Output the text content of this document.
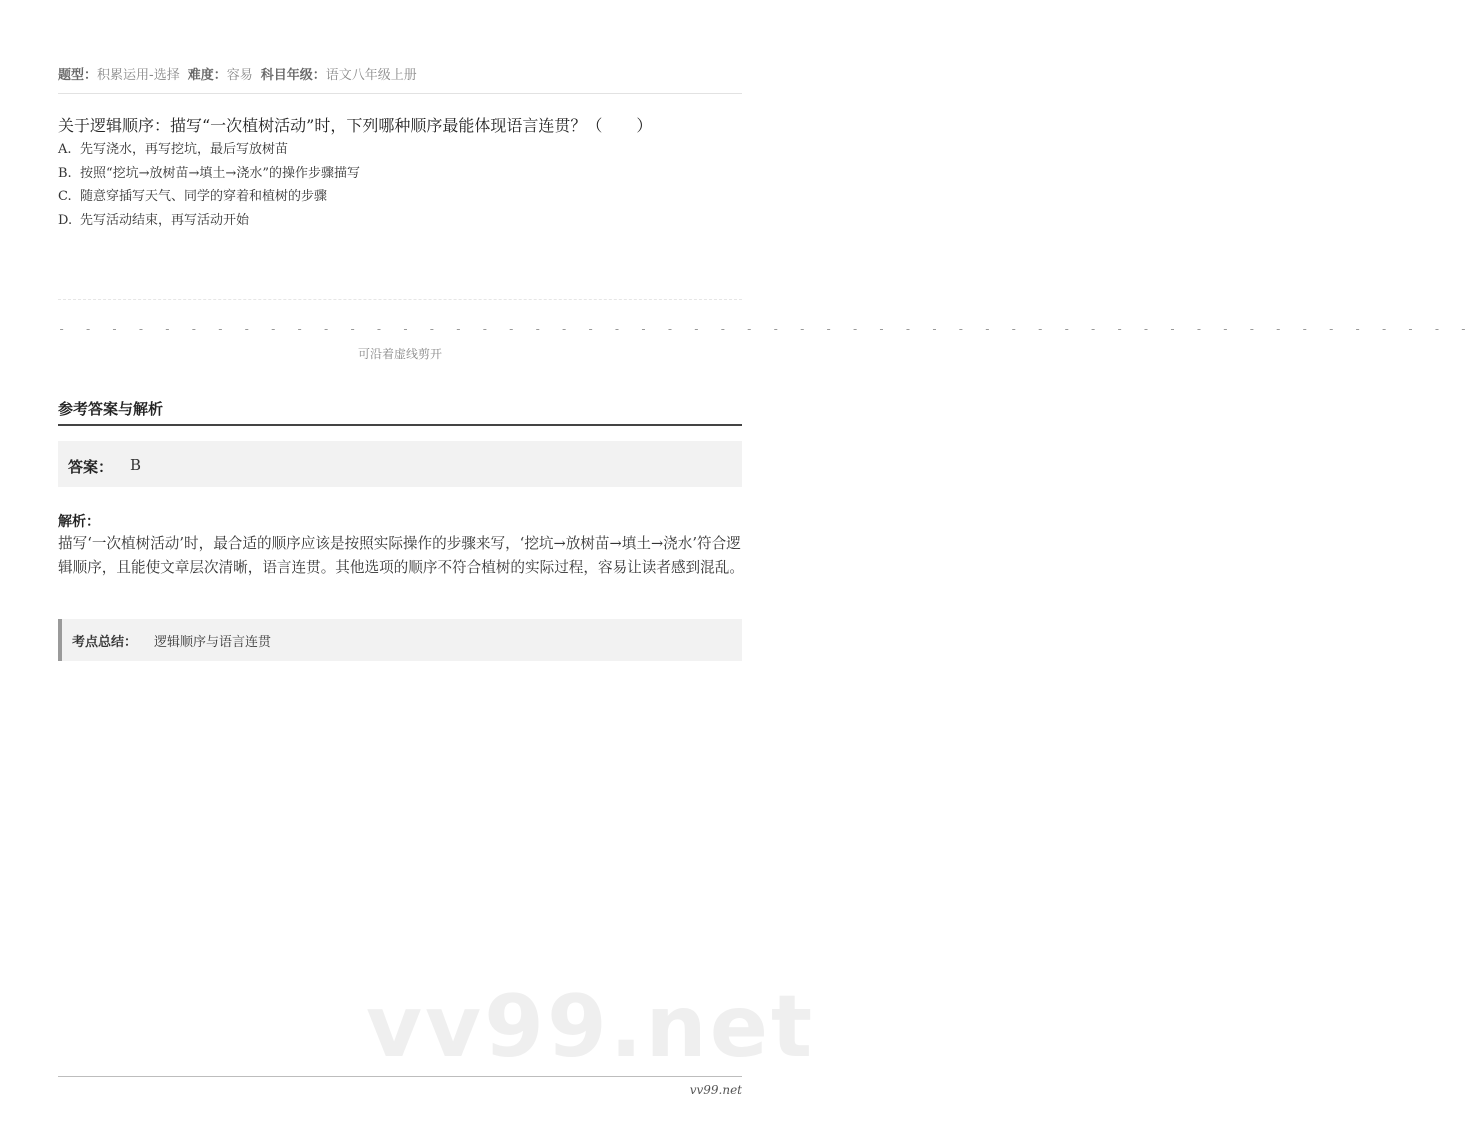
题型：积累运用-选择 难度：容易 科目年级：语文八年级上册
关于逻辑顺序：描写“一次植树活动”时，下列哪种顺序最能体现语言连贯？（ ）
A. 先写浇水，再写挖坑，最后写放树苗
B. 按照“挖坑→放树苗→填土→浇水”的操作步骤描写
C. 随意穿插写天气、同学的穿着和植树的步骤
D. 先写活动结束，再写活动开始
- - - - - - - - - - - - - - - - - - - - - - - - - - - - - - - - - - - - - - - - - - - - - - - - - - - - - -
可沿着虚线剪开
参考答案与解析
答案： B
解析：
描写‘一次植树活动’时，最合适的顺序应该是按照实际操作的步骤来写，‘挖坑→放树苗→填土→浇水’符合逻辑顺序，且能使文章层次清晰，语言连贯。其他选项的顺序不符合植树的实际过程，容易让读者感到混乱。
考点总结： 逻辑顺序与语言连贯
vv99.net
vv99.net
